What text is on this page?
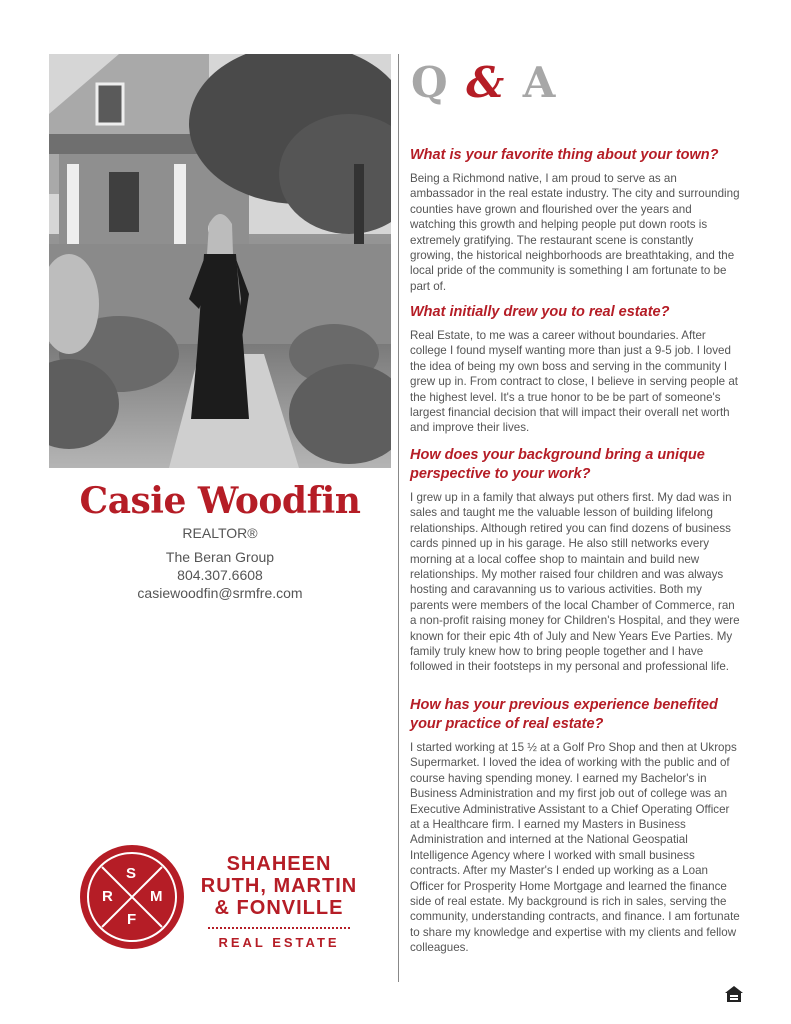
Casie Woodfin
REALTOR®
The Beran Group
804.307.6608
casiewoodfin@srmfre.com
Q & A

What is your favorite thing about your town?

Being a Richmond native, I am proud to serve as an ambassador in the real estate industry. The city and surrounding counties have grown and flourished over the years and watching this growth and helping people put down roots is extremely gratifying. The restaurant scene is constantly growing, the historical neighborhoods are breathtaking, and the local pride of the community is something I am fortunate to be part of.

What initially drew you to real estate?

Real Estate, to me was a career without boundaries. After college I found myself wanting more than just a 9-5 job. I loved the idea of being my own boss and serving in the community I grew up in. From contract to close, I believe in serving people at the highest level. It's a true honor to be be part of someone's largest financial decision that will impact their overall net worth and improve their lives.

How does your background bring a unique perspective to your work?

I grew up in a family that always put others first. My dad was in sales and taught me the valuable lesson of building lifelong relationships. Although retired you can find dozens of business cards pinned up in his garage. He also still networks every morning at a local coffee shop to maintain and build new relationships. My mother raised four children and was always hosting and caravanning us to various activities. Both my parents were members of the local Chamber of Commerce, ran a non-profit raising money for Children's Hospital, and they were known for their epic 4th of July and New Years Eve Parties. My family truly knew how to bring people together and I have followed in their footsteps in my personal and professional life.

How has your previous experience benefited your practice of real estate?

I started working at 15 ½ at a Golf Pro Shop and then at Ukrops Supermarket. I loved the idea of working with the public and of course having spending money. I earned my Bachelor's in Business Administration and my first job out of college was an Executive Administrative Assistant to a Chief Operating Officer at a Healthcare firm. I earned my Masters in Business Administration and interned at the National Geospatial Intelligence Agency where I worked with small business contracts. After my Master's I ended up working as a Loan Officer for Prosperity Home Mortgage and learned the finance side of real estate. My background is rich in sales, serving the community, understanding contracts, and finance. I am fortunate to share my knowledge and expertise with my clients and fellow colleagues.

S
R M
F
SHAHEEN
RUTH, MARTIN
& FONVILLE
REAL ESTATE
